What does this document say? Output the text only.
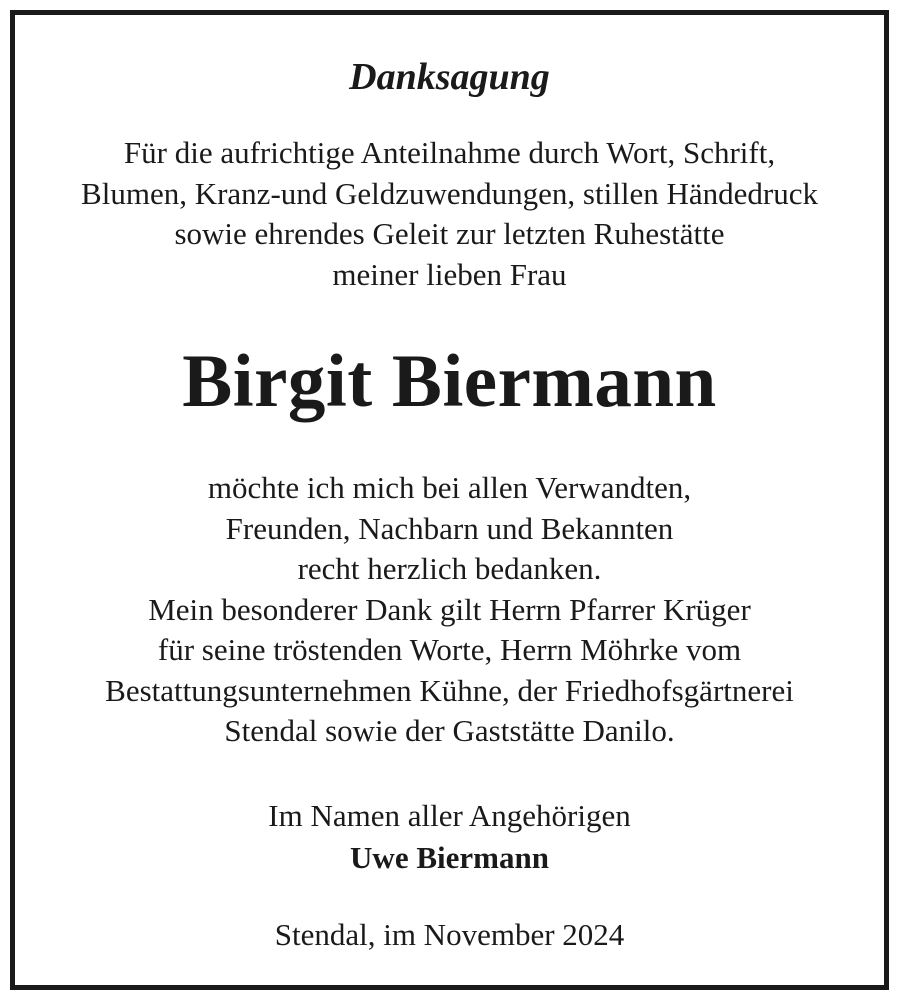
Danksagung

Für die aufrichtige Anteilnahme durch Wort, Schrift,
Blumen, Kranz-und Geldzuwendungen, stillen Händedruck
sowie ehrendes Geleit zur letzten Ruhestätte
meiner lieben Frau

Birgit Biermann

möchte ich mich bei allen Verwandten,
Freunden, Nachbarn und Bekannten
recht herzlich bedanken.
Mein besonderer Dank gilt Herrn Pfarrer Krüger
für seine tröstenden Worte, Herrn Möhrke vom
Bestattungsunternehmen Kühne, der Friedhofsgärtnerei
Stendal sowie der Gaststätte Danilo.

Im Namen aller Angehörigen

Uwe Biermann

Stendal, im November 2024
